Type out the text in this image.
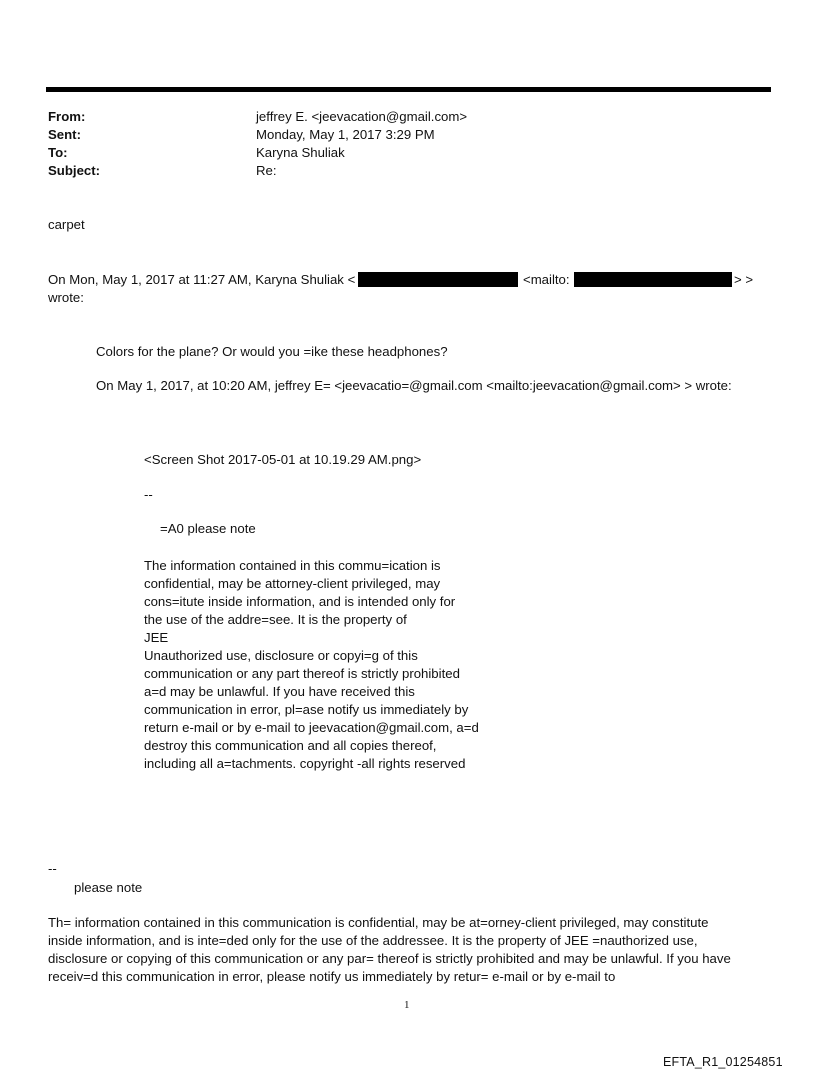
From:	jeffrey E. <jeevacation@gmail.com>
Sent:	Monday, May 1, 2017 3:29 PM
To:	Karyna Shuliak
Subject:	Re:
carpet
On Mon, May 1, 2017 at 11:27 AM, Karyna Shuliak <	<mailto:	> >
wrote:
Colors for the plane? Or would you =ike these headphones?
On May 1, 2017, at 10:20 AM, jeffrey E= <jeevacatio=@gmail.com <mailto:jeevacation@gmail.com> > wrote:
<Screen Shot 2017-05-01 at 10.19.29 AM.png>
--
=A0 please note

The information contained in this commu=ication is

confidential, may be attorney-client privileged, may

cons=itute inside information, and is intended only for

the use of the addre=see. It is the property of

JEE

Unauthorized use, disclosure or copyi=g of this

communication or any part thereof is strictly prohibited

a=d may be unlawful. If you have received this

communication in error, pl=ase notify us immediately by

return e-mail or by e-mail to jeevacation@gmail.com, a=d

destroy this communication and all copies thereof,

including all a=tachments. copyright -all rights reserved

--
please note

Th= information contained in this communication is confidential, may be at=orney-client privileged, may constitute

inside information, and is inte=ded only for the use of the addressee. It is the property of JEE =nauthorized use,

disclosure or copying of this communication or any par= thereof is strictly prohibited and may be unlawful. If you have

receiv=d this communication in error, please notify us immediately by retur= e-mail or by e-mail to

1
EFTA_R1_01254851
